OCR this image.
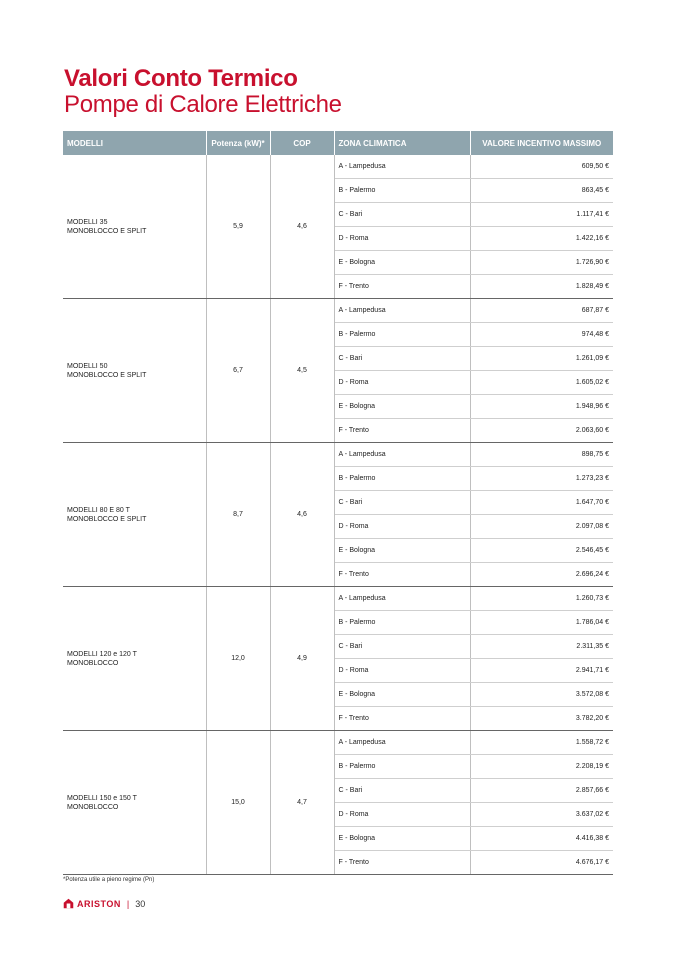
Valori Conto Termico
Pompe di Calore Elettriche
MODELLI	Potenza (kW)*	COP	ZONA CLIMATICA	VALORE INCENTIVO MASSIMO
MODELLI 35
MONOBLOCCO E SPLIT	5,9	4,6	A - Lampedusa	609,50 €
			B - Palermo	863,45 €
			C - Bari	1.117,41 €
			D - Roma	1.422,16 €
			E - Bologna	1.726,90 €
			F - Trento	1.828,49 €
MODELLI 50
MONOBLOCCO E SPLIT	6,7	4,5	A - Lampedusa	687,87 €
			B - Palermo	974,48 €
			C - Bari	1.261,09 €
			D - Roma	1.605,02 €
			E - Bologna	1.948,96 €
			F - Trento	2.063,60 €
MODELLI 80 E 80 T
MONOBLOCCO E SPLIT	8,7	4,6	A - Lampedusa	898,75 €
			B - Palermo	1.273,23 €
			C - Bari	1.647,70 €
			D - Roma	2.097,08 €
			E - Bologna	2.546,45 €
			F - Trento	2.696,24 €
MODELLI 120 e 120 T
MONOBLOCCO	12,0	4,9	A - Lampedusa	1.260,73 €
			B - Palermo	1.786,04 €
			C - Bari	2.311,35 €
			D - Roma	2.941,71 €
			E - Bologna	3.572,08 €
			F - Trento	3.782,20 €
MODELLI 150 e 150 T
MONOBLOCCO	15,0	4,7	A - Lampedusa	1.558,72 €
			B - Palermo	2.208,19 €
			C - Bari	2.857,66 €
			D - Roma	3.637,02 €
			E - Bologna	4.416,38 €
			F - Trento	4.676,17 €
*Potenza utile a pieno regime (Pn)
ARISTON | 30
